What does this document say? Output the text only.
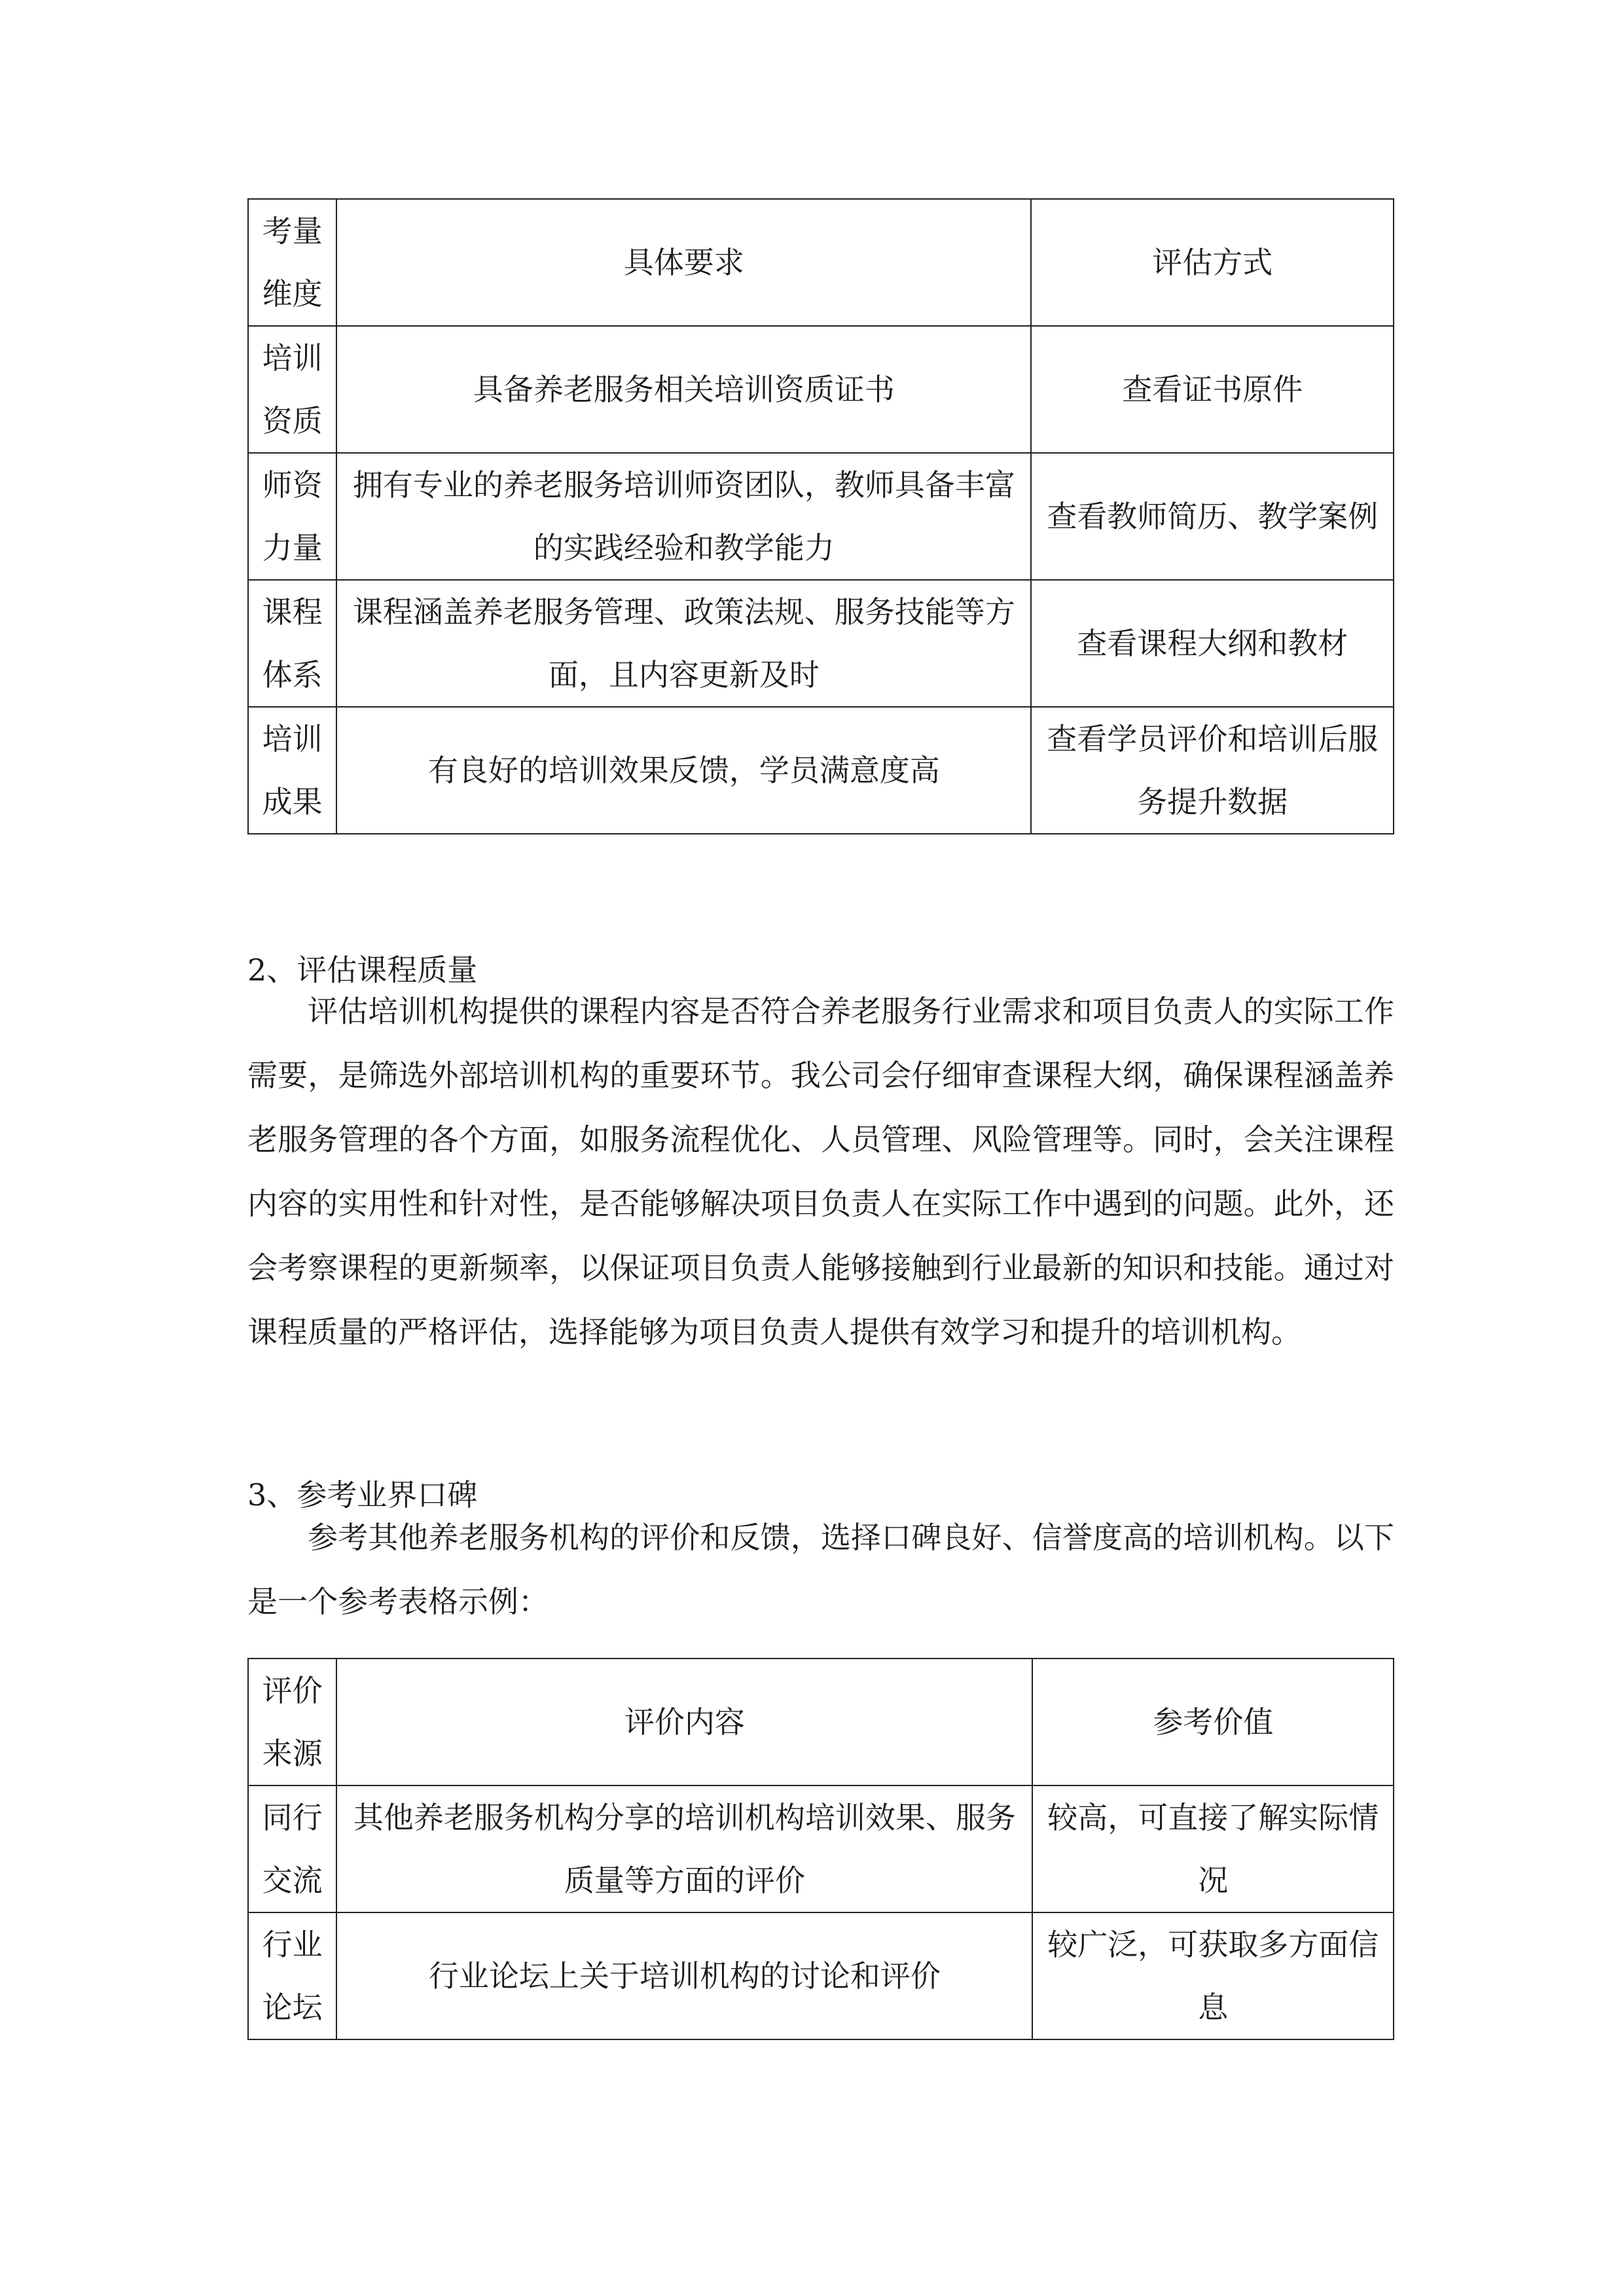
考量维度	具体要求	评估方式
培训资质	具备养老服务相关培训资质证书	查看证书原件
师资力量	拥有专业的养老服务培训师资团队，教师具备丰富的实践经验和教学能力	查看教师简历、教学案例
课程体系	课程涵盖养老服务管理、政策法规、服务技能等方面，且内容更新及时	查看课程大纲和教材
培训成果	有良好的培训效果反馈，学员满意度高	查看学员评价和培训后服务提升数据
2、评估课程质量

评估培训机构提供的课程内容是否符合养老服务行业需求和项目负责人的实际工作需要，是筛选外部培训机构的重要环节。我公司会仔细审查课程大纲，确保课程涵盖养老服务管理的各个方面，如服务流程优化、人员管理、风险管理等。同时，会关注课程内容的实用性和针对性，是否能够解决项目负责人在实际工作中遇到的问题。此外，还会考察课程的更新频率，以保证项目负责人能够接触到行业最新的知识和技能。通过对课程质量的严格评估，选择能够为项目负责人提供有效学习和提升的培训机构。

3、参考业界口碑

参考其他养老服务机构的评价和反馈，选择口碑良好、信誉度高的培训机构。以下是一个参考表格示例：

评价来源	评价内容	参考价值
同行交流	其他养老服务机构分享的培训机构培训效果、服务质量等方面的评价	较高，可直接了解实际情况
行业论坛	行业论坛上关于培训机构的讨论和评价	较广泛，可获取多方面信息
